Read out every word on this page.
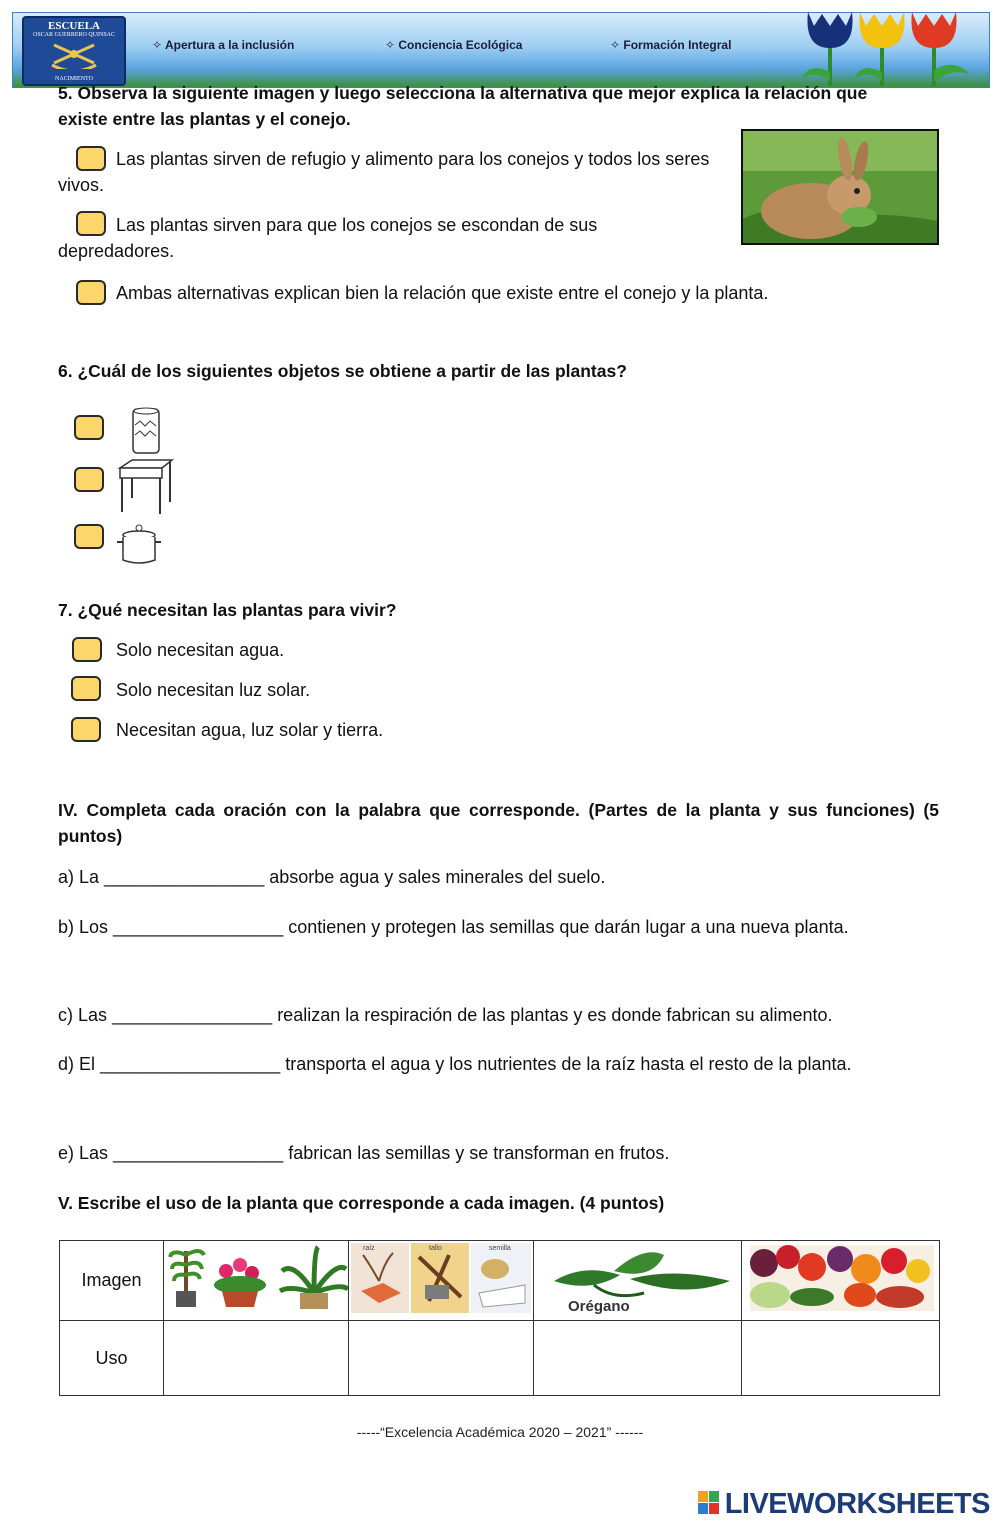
ESCUELA
OSCAR GUERRERO QUINSAC
NACIMIENTO
✧ Apertura a la inclusión	✧ Conciencia Ecológica	✧ Formación Integral
5. Observa la siguiente imagen y luego selecciona la alternativa que mejor explica la relación que existe entre las plantas y el conejo.
Las plantas sirven de refugio y alimento para los conejos y todos los seres vivos.
Las plantas sirven para que los conejos se escondan de sus depredadores.
Ambas alternativas explican bien la relación que existe entre el conejo y la planta.
6. ¿Cuál de los siguientes objetos se obtiene a partir de las plantas?
7. ¿Qué necesitan las plantas para vivir?
Solo necesitan agua.
Solo necesitan luz solar.
Necesitan agua, luz solar y tierra.
IV. Completa cada oración con la palabra que corresponde. (Partes de la planta y sus funciones) (5 puntos)
a) La ________________ absorbe agua y sales minerales del suelo.
b) Los _________________ contienen y protegen las semillas que darán lugar a una nueva planta.
c) Las ________________ realizan la respiración de las plantas y es donde fabrican su alimento.
d) El __________________ transporta el agua y los nutrientes de la raíz hasta el resto de la planta.
e) Las _________________ fabrican las semillas y se transforman en frutos.
V. Escribe el uso de la planta que corresponde a cada imagen. (4 puntos)
Imagen		raíz tallo semilla	Orégano

Uso				
-----“Excelencia Académica 2020 – 2021” ------
LIVEWORKSHEETS
